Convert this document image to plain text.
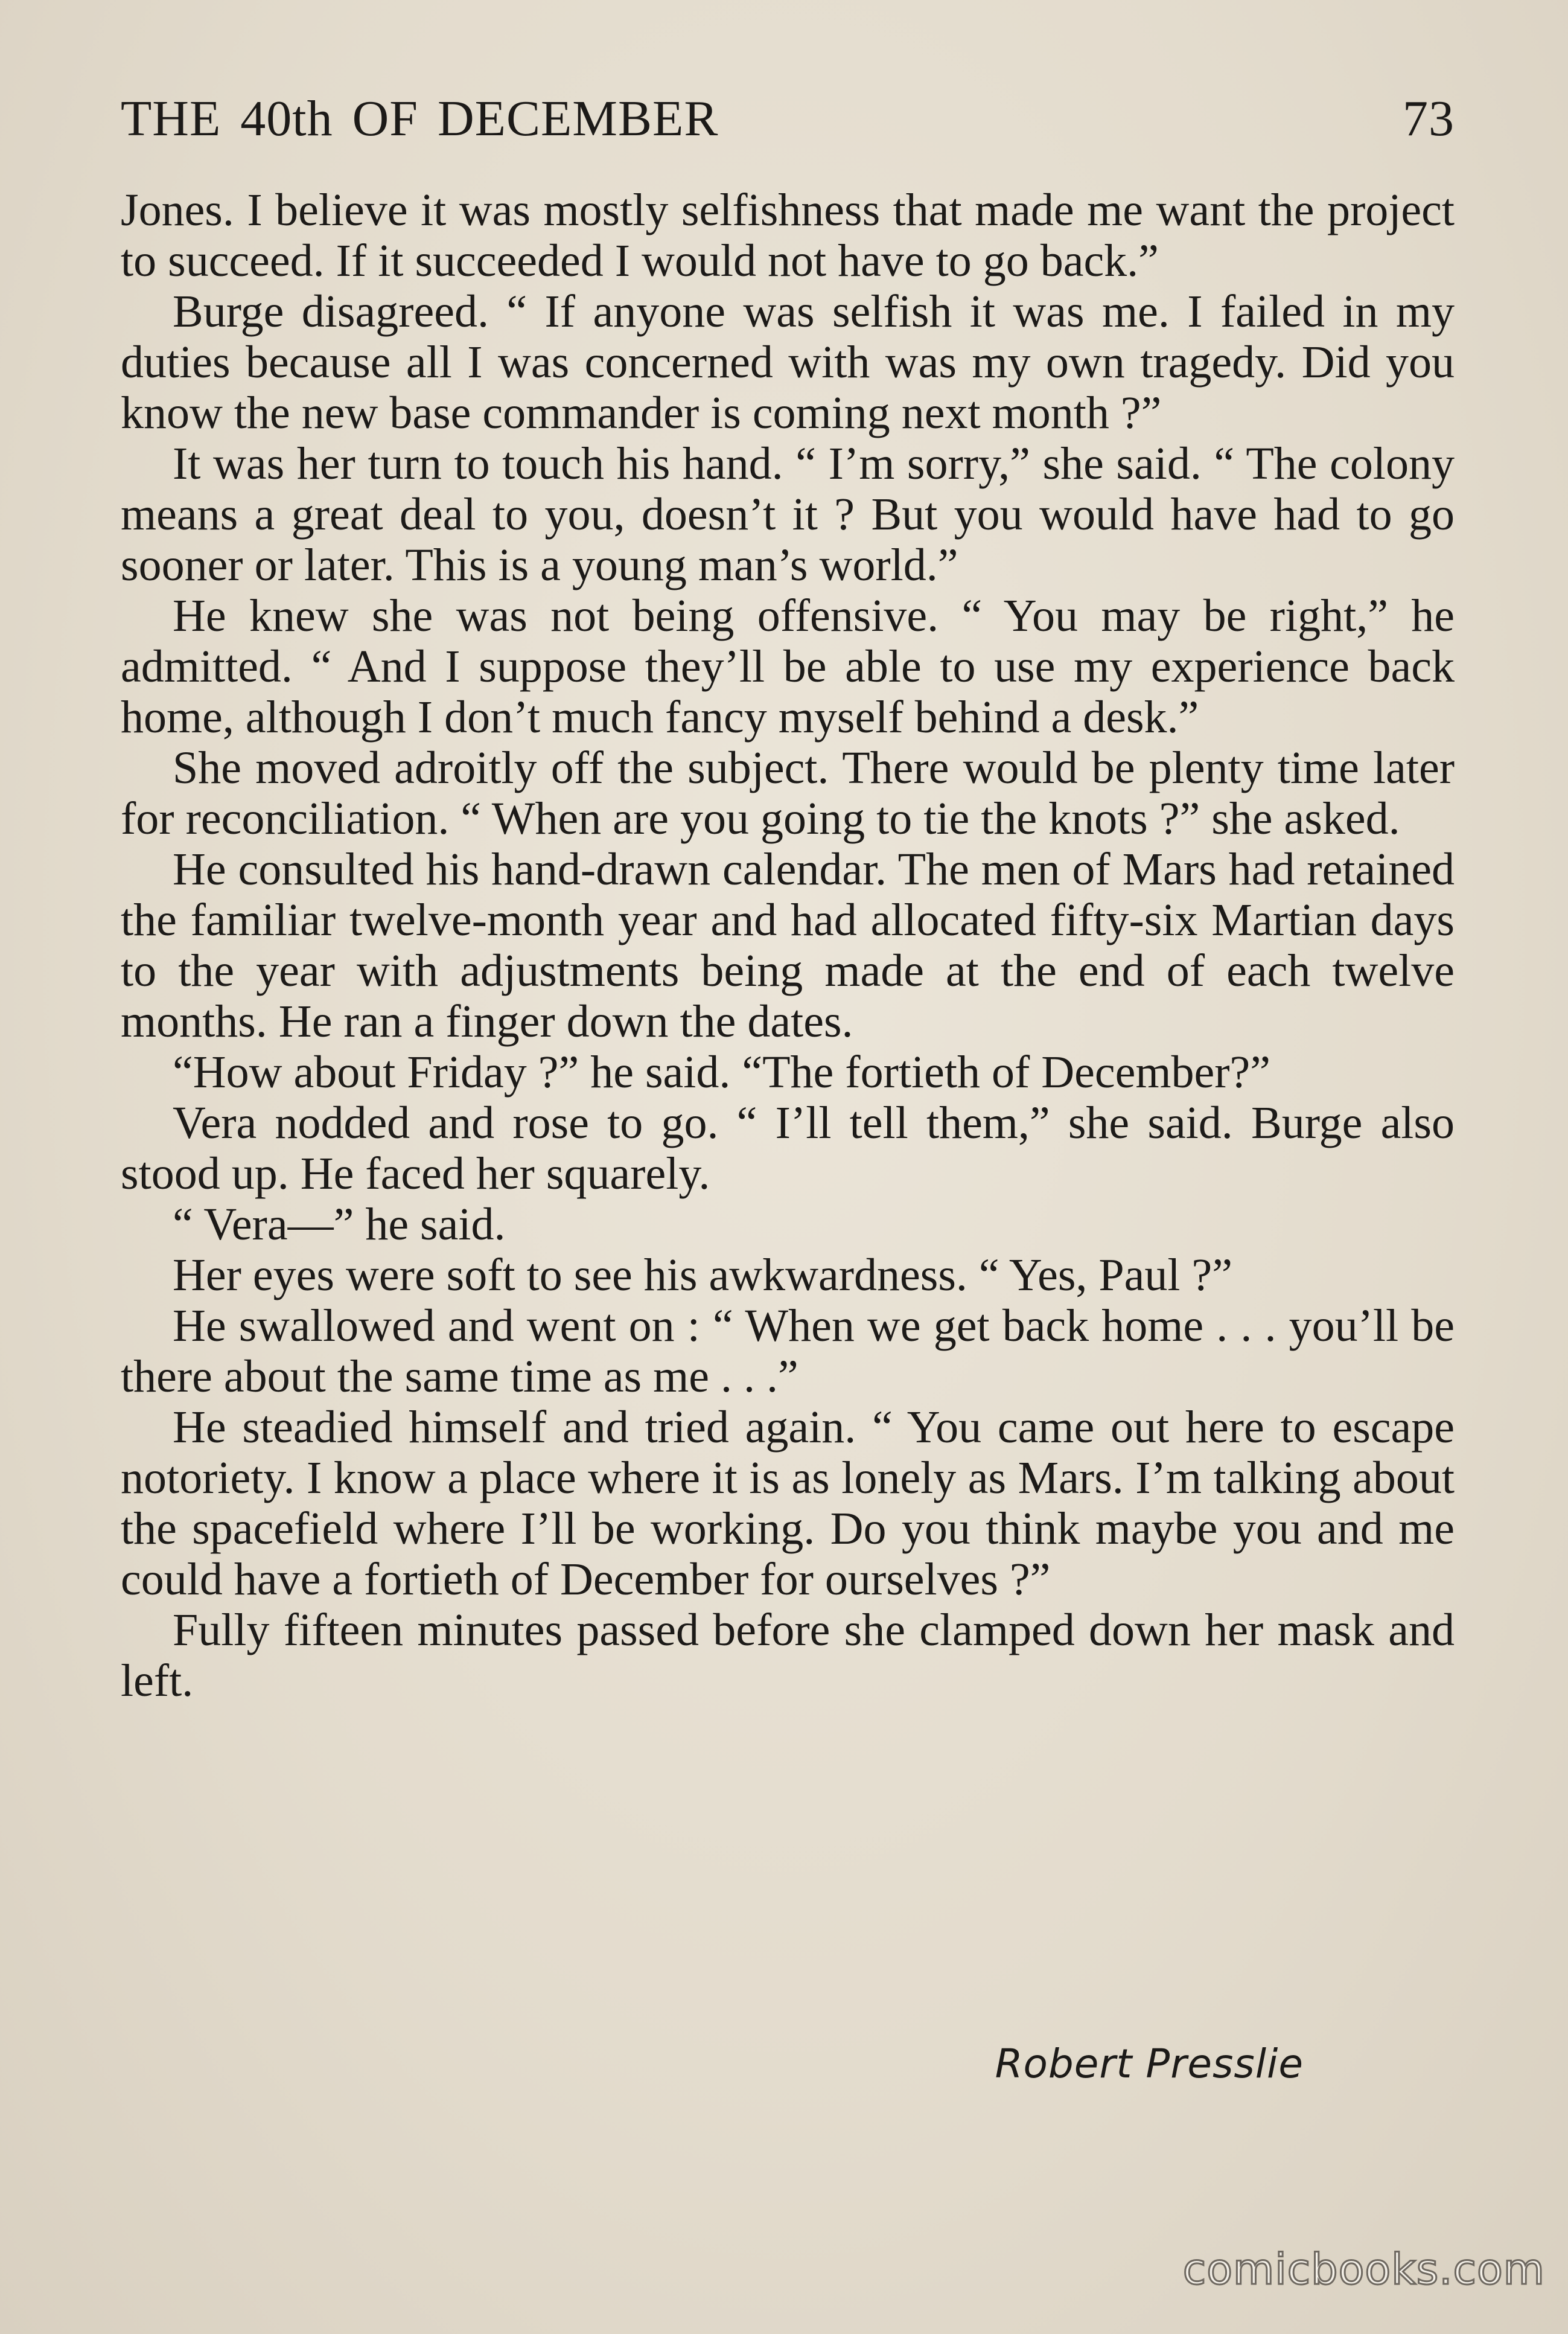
THE 40th OF DECEMBER	73

Jones. I believe it was mostly selfishness that made me want the project to succeed. If it succeeded I would not have to go back.”

Burge disagreed. “ If anyone was selfish it was me. I failed in my duties because all I was concerned with was my own tragedy. Did you know the new base commander is coming next month ?”

It was her turn to touch his hand. “ I’m sorry,” she said. “ The colony means a great deal to you, doesn’t it ? But you would have had to go sooner or later. This is a young man’s world.”

He knew she was not being offensive. “ You may be right,” he admitted. “ And I suppose they’ll be able to use my experience back home, although I don’t much fancy myself behind a desk.”

She moved adroitly off the subject. There would be plenty time later for reconciliation. “ When are you going to tie the knots ?” she asked.

He consulted his hand-drawn calendar. The men of Mars had retained the familiar twelve-month year and had allocated fifty-six Martian days to the year with adjustments being made at the end of each twelve months. He ran a finger down the dates.

“How about Friday ?” he said. “The fortieth of December?”

Vera nodded and rose to go. “ I’ll tell them,” she said. Burge also stood up. He faced her squarely.

“ Vera—” he said.

Her eyes were soft to see his awkwardness. “ Yes, Paul ?”

He swallowed and went on : “ When we get back home . . . you’ll be there about the same time as me . . .”

He steadied himself and tried again. “ You came out here to escape notoriety. I know a place where it is as lonely as Mars. I’m talking about the spacefield where I’ll be working. Do you think maybe you and me could have a fortieth of December for ourselves ?”

Fully fifteen minutes passed before she clamped down her mask and left.

Robert Presslie
comicbooks.com
